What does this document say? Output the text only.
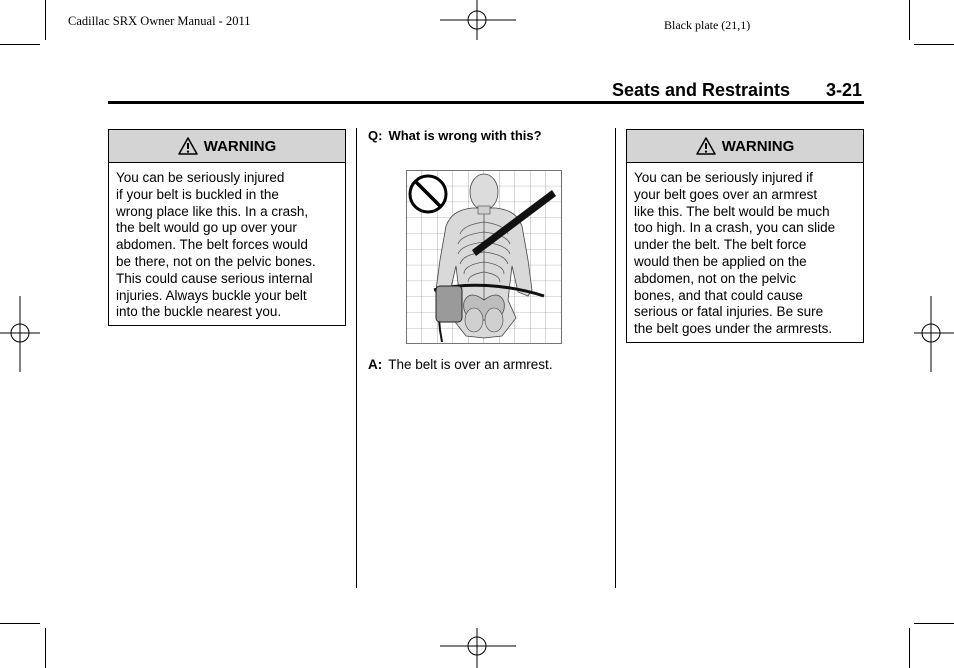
Cadillac SRX Owner Manual - 2011	Black plate (21,1)
Seats and Restraints 3-21
WARNING
You can be seriously injured
if your belt is buckled in the
wrong place like this. In a crash,
the belt would go up over your
abdomen. The belt forces would
be there, not on the pelvic bones.
This could cause serious internal
injuries. Always buckle your belt
into the buckle nearest you.
Q: What is wrong with this?
A: The belt is over an armrest.
WARNING
You can be seriously injured if
your belt goes over an armrest
like this. The belt would be much
too high. In a crash, you can slide
under the belt. The belt force
would then be applied on the
abdomen, not on the pelvic
bones, and that could cause
serious or fatal injuries. Be sure
the belt goes under the armrests.
